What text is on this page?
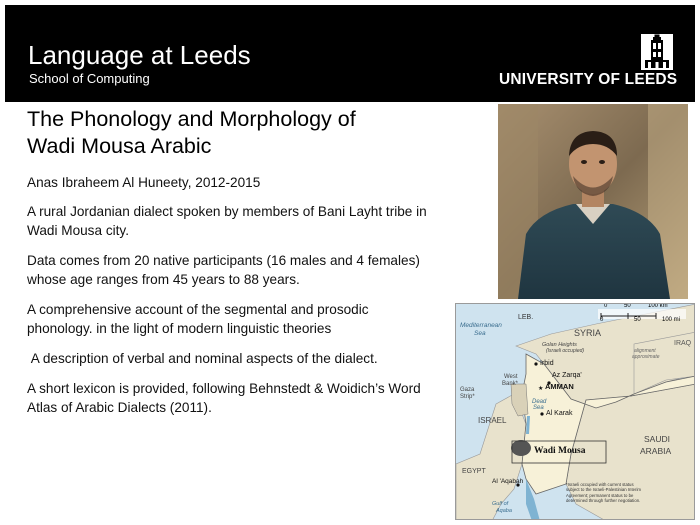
Language at Leeds
School of Computing	UNIVERSITY OF LEEDS
The Phonology and Morphology of
Wadi Mousa Arabic

Anas Ibraheem Al Huneety, 2012-2015

A rural Jordanian dialect spoken by members of Bani Layht tribe in Wadi Mousa city.

Data comes from 20 native participants (16 males and 4 females) whose age ranges from 45 years to 88 years.

A comprehensive account of the segmental and prosodic phonology. in the light of modern linguistic theories

A description of verbal and nominal aspects of the dialect.

A short lexicon is provided, following Behnstedt & Woidich’s Word Atlas of Arabic Dialects (2011).

★
0	50	100 km
0	50	100 mi
Mediterranean
Sea
LEB.
SYRIA
Golan Heights
(Israeli occupied)
Irbid
alignment
approximate
IRAQ
West
Bank*
Az Zarqa'
AMMAN
Gaza
Strip*
Dead
Sea
ISRAEL
Al Karak
SAUDI
ARABIA
Wadi Mousa
EGYPT
Al 'Aqabah
Gulf of
Aqaba
*Israeli occupied with current status
subject to the Israeli-Palestinian Interim
Agreement; permanent status to be
determined through further negotiation.
